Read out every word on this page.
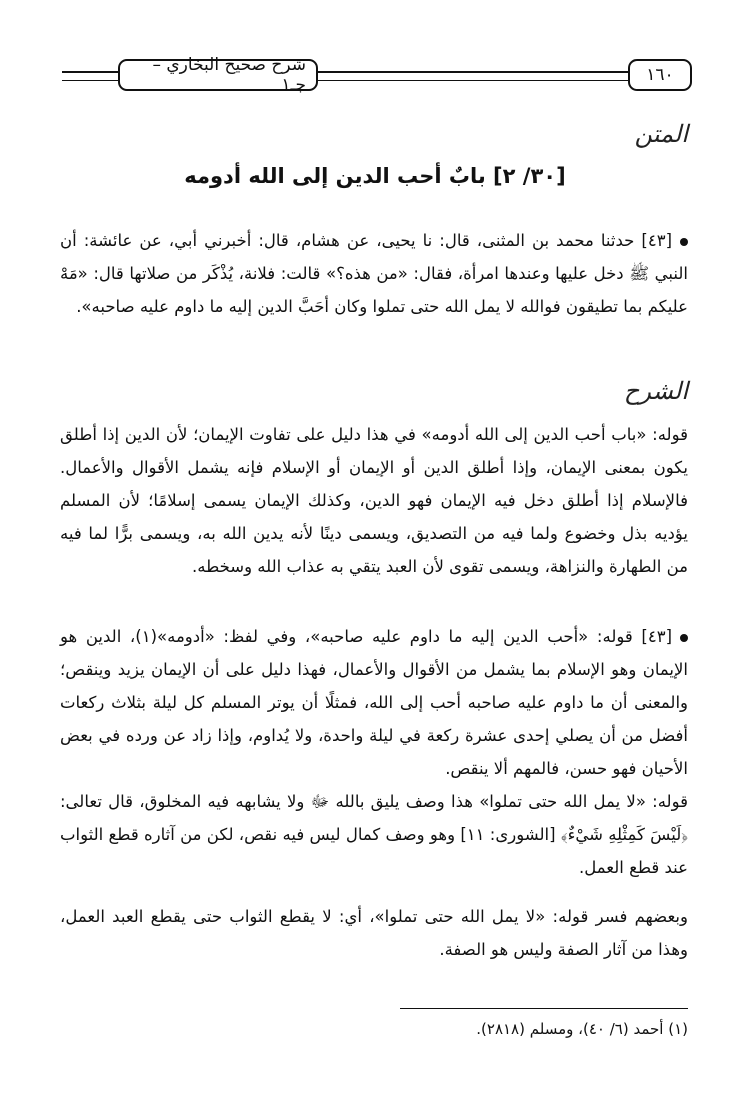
١٦٠
شرح صحيح البخاري – جـ١
المتن
[٣٠/ ٢] بابٌ أحب الدين إلى الله أدومه
[٤٣] حدثنا محمد بن المثنى، قال: نا يحيى، عن هشام، قال: أخبرني أبي، عن عائشة: أن النبي ﷺ دخل عليها وعندها امرأة، فقال: «من هذه؟» قالت: فلانة، يُذْكَر من صلاتها قال: «مَهْ عليكم بما تطيقون فوالله لا يمل الله حتى تملوا وكان أحَبَّ الدين إليه ما داوم عليه صاحبه».
الشرح
قوله: «باب أحب الدين إلى الله أدومه» في هذا دليل على تفاوت الإيمان؛ لأن الدين إذا أطلق يكون بمعنى الإيمان، وإذا أطلق الدين أو الإيمان أو الإسلام فإنه يشمل الأقوال والأعمال. فالإسلام إذا أطلق دخل فيه الإيمان فهو الدين، وكذلك الإيمان يسمى إسلامًا؛ لأن المسلم يؤديه بذل وخضوع ولما فيه من التصديق، ويسمى دينًا لأنه يدين الله به، ويسمى برًّا لما فيه من الطهارة والنزاهة، ويسمى تقوى لأن العبد يتقي به عذاب الله وسخطه.
[٤٣] قوله: «أحب الدين إليه ما داوم عليه صاحبه»، وفي لفظ: «أدومه»(١)، الدين هو الإيمان وهو الإسلام بما يشمل من الأقوال والأعمال، فهذا دليل على أن الإيمان يزيد وينقص؛ والمعنى أن ما داوم عليه صاحبه أحب إلى الله، فمثلًا أن يوتر المسلم كل ليلة بثلاث ركعات أفضل من أن يصلي إحدى عشرة ركعة في ليلة واحدة، ولا يُداوم، وإذا زاد عن ورده في بعض الأحيان فهو حسن، فالمهم ألا ينقص.
قوله: «لا يمل الله حتى تملوا» هذا وصف يليق بالله ﷻ ولا يشابهه فيه المخلوق، قال تعالى: ﴿لَيْسَ كَمِثْلِهِ شَيْءٌ﴾ [الشورى: ١١] وهو وصف كمال ليس فيه نقص، لكن من آثاره قطع الثواب عند قطع العمل.
وبعضهم فسر قوله: «لا يمل الله حتى تملوا»، أي: لا يقطع الثواب حتى يقطع العبد العمل، وهذا من آثار الصفة وليس هو الصفة.
(١) أحمد (٦/ ٤٠)، ومسلم (٢٨١٨).
